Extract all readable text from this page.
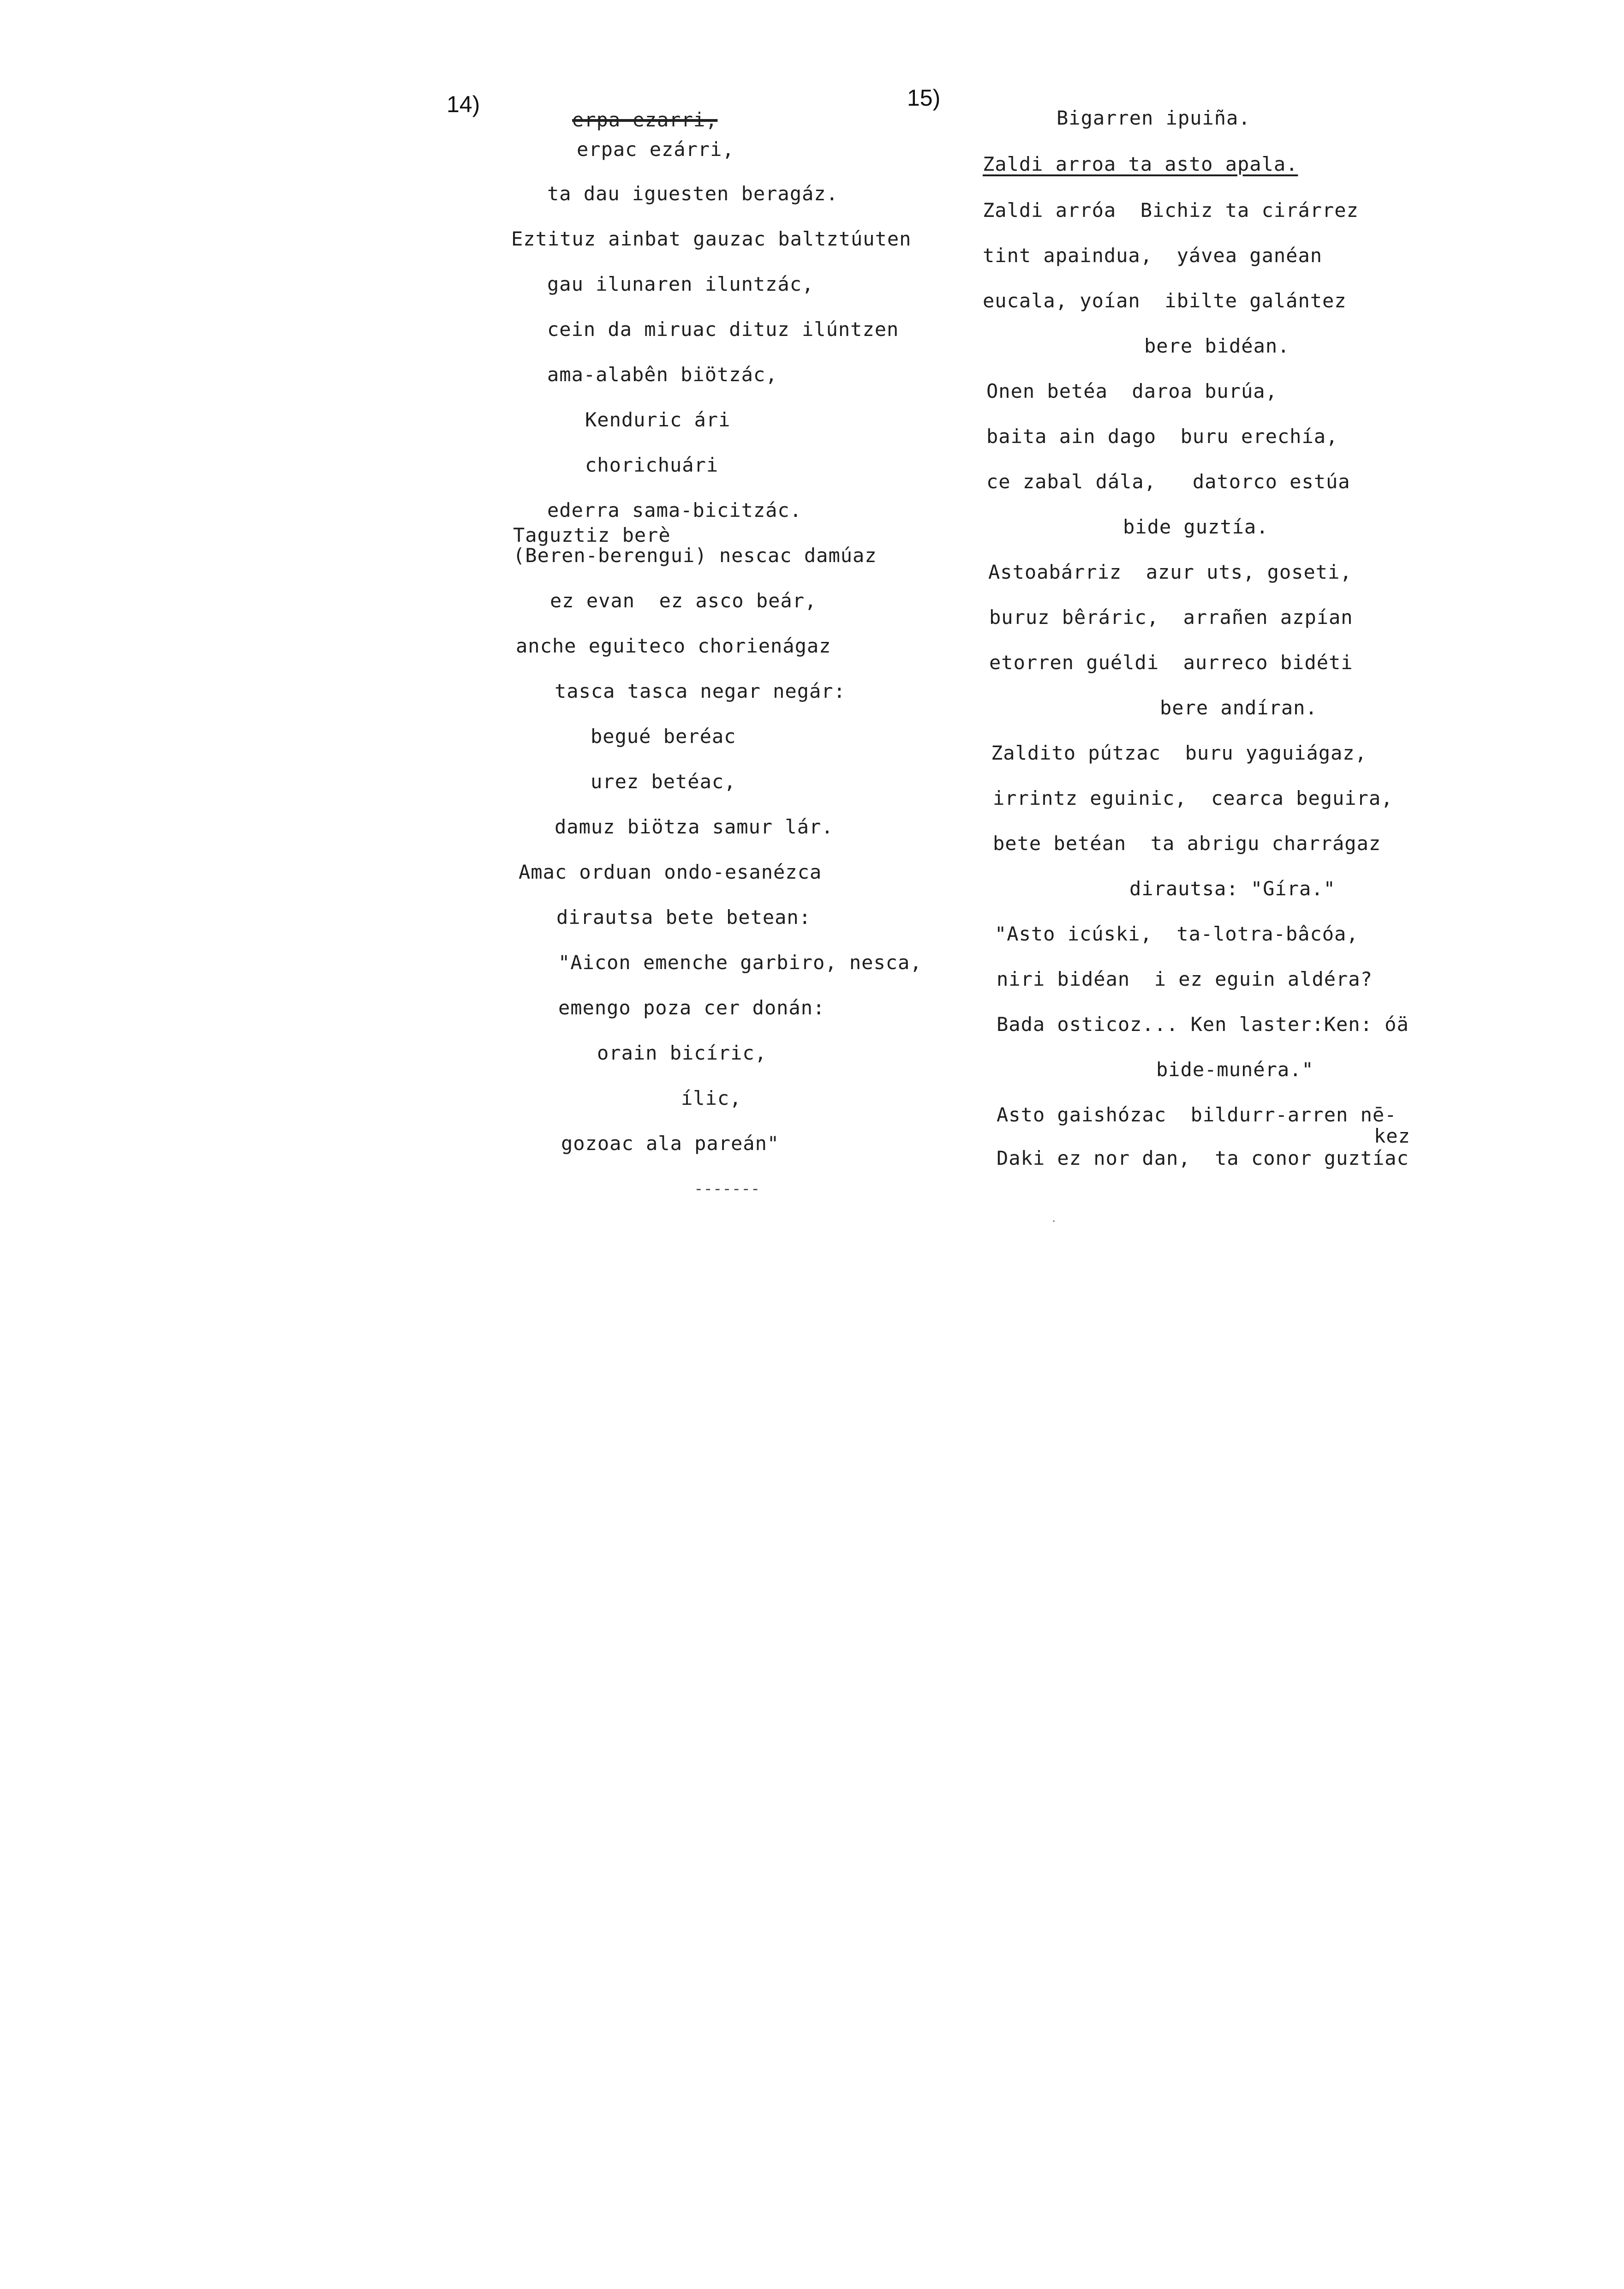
14)
erpa ezarri,
erpac ezárri,
ta dau iguesten beragáz.
Eztituz ainbat gauzac baltztúuten
gau ilunaren iluntzác,
cein da miruac dituz ilúntzen
ama-alabên biötzác,
Kenduric ári
chorichuári
ederra sama-bicitzác.
Taguztiz berè
(Beren-berengui) nescac damúaz
ez evan  ez asco beár,
anche eguiteco chorienágaz
tasca tasca negar negár:
begué beréac
urez betéac,
damuz biötza samur lár.
Amac orduan ondo-esanézca
dirautsa bete betean:
"Aicon emenche garbiro, nesca,
emengo poza cer donán:
orain bicíric,
ílic,
gozoac ala pareán"
-------
15)
Bigarren ipuiña.
Zaldi arroa ta asto apala.
Zaldi arróa  Bichiz ta cirárrez
tint apaindua,  yávea ganéan
eucala, yoían  ibilte galántez
bere bidéan.
Onen betéa  daroa burúa,
baita ain dago  buru erechía,
ce zabal dála,   datorco estúa
bide guztía.
Astoabárriz  azur uts, goseti,
buruz bêráric,  arrañen azpían
etorren guéldi  aurreco bidéti
bere andíran.
Zaldito pútzac  buru yaguiágaz,
irrintz eguinic,  cearca beguira,
bete betéan  ta abrigu charrágaz
dirautsa: "Gíra."
"Asto icúski,  ta-lotra-bâcóa,
niri bidéan  i ez eguin aldéra?
Bada osticoz... Ken laster:Ken: óä
bide-munéra."
Asto gaishózac  bildurr-arren nē-
kez
Daki ez nor dan,  ta conor guztíac
